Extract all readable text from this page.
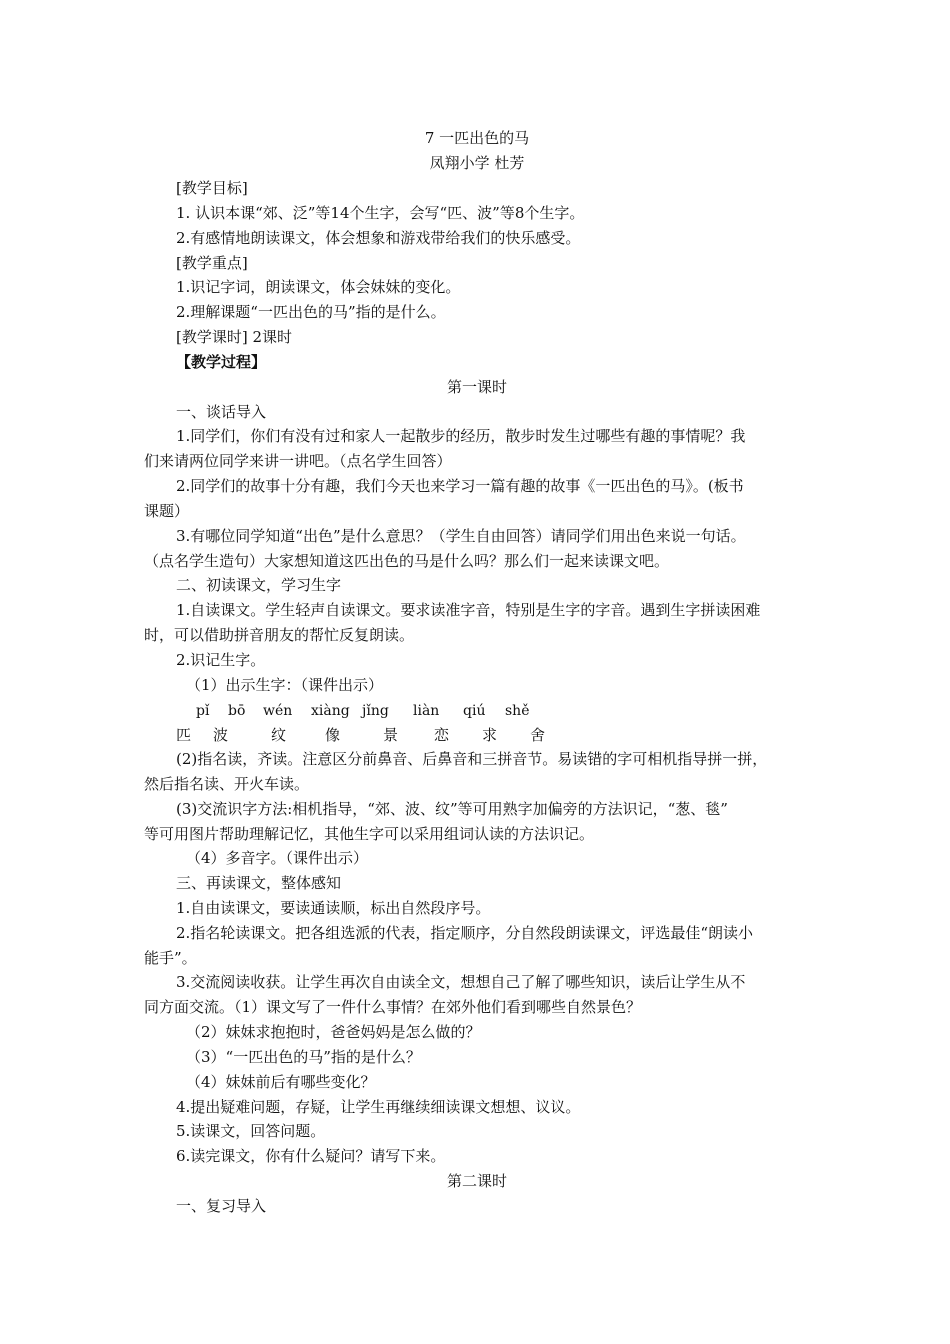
7 一匹出色的马
凤翔小学 杜芳
[教学目标]
1. 认识本课“郊、泛”等14个生字，会写“匹、波”等8个生字。
2.有感情地朗读课文，体会想象和游戏带给我们的快乐感受。
[教学重点]
1.识记字词，朗读课文，体会妹妹的变化。
2.理解课题“一匹出色的马”指的是什么。
[教学课时] 2课时
【教学过程】
第一课时
一、谈话导入
1.同学们，你们有没有过和家人一起散步的经历，散步时发生过哪些有趣的事情呢？我
们来请两位同学来讲一讲吧。（点名学生回答）
2.同学们的故事十分有趣，我们今天也来学习一篇有趣的故事《一匹出色的马》。(板书
课题）
3.有哪位同学知道“出色”是什么意思？（学生自由回答）请同学们用出色来说一句话。
（点名学生造句）大家想知道这匹出色的马是什么吗？那么们一起来读课文吧。
二、初读课文，学习生字
1.自读课文。学生轻声自读课文。要求读准字音，特别是生字的字音。遇到生字拼读困难
时，可以借助拼音朋友的帮忙反复朗读。
2.识记生字。
（1）出示生字：（课件出示）
pǐ bō wén xiàng jǐng liàn qiú shě
匹 波	纹	像	景 恋 求 舍
(2)指名读，齐读。注意区分前鼻音、后鼻音和三拼音节。易读错的字可相机指导拼一拼，
然后指名读、开火车读。
(3)交流识字方法:相机指导，“郊、波、纹”等可用熟字加偏旁的方法识记，“葱、毯”
等可用图片帮助理解记忆，其他生字可以采用组词认读的方法识记。
（4）多音字。（课件出示）
三、再读课文，整体感知
1.自由读课文，要读通读顺，标出自然段序号。
2.指名轮读课文。把各组选派的代表，指定顺序，分自然段朗读课文，评选最佳“朗读小
能手”。
3.交流阅读收获。让学生再次自由读全文，想想自己了解了哪些知识，读后让学生从不
同方面交流。（1）课文写了一件什么事情？在郊外他们看到哪些自然景色？
（2）妹妹求抱抱时，爸爸妈妈是怎么做的？
（3）“一匹出色的马”指的是什么？
（4）妹妹前后有哪些变化？
4.提出疑难问题，存疑，让学生再继续细读课文想想、议议。
5.读课文，回答问题。
6.读完课文，你有什么疑问？请写下来。
第二课时
一、复习导入
